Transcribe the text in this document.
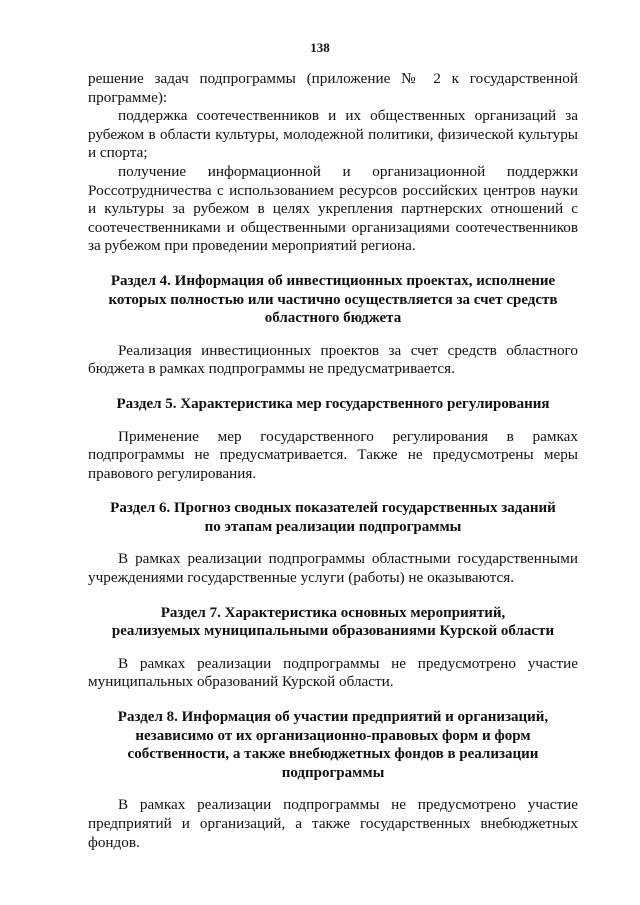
138

решение задач подпрограммы (приложение № 2 к государственной
программе):

поддержка соотечественников и их общественных организаций за рубежом в области культуры, молодежной политики, физической культуры и спорта;

получение информационной и организационной поддержки Россотрудничества с использованием ресурсов российских центров науки и культуры за рубежом в целях укрепления партнерских отношений с соотечественниками и общественными организациями соотечественников за рубежом при проведении мероприятий региона.

Раздел 4. Информация об инвестиционных проектах, исполнение
которых полностью или частично осуществляется за счет средств
областного бюджета

Реализация инвестиционных проектов за счет средств областного бюджета в рамках подпрограммы не предусматривается.

Раздел 5. Характеристика мер государственного регулирования

Применение мер государственного регулирования в рамках подпрограммы не предусматривается. Также не предусмотрены меры правового регулирования.

Раздел 6. Прогноз сводных показателей государственных заданий
по этапам реализации подпрограммы

В рамках реализации подпрограммы областными государственными учреждениями государственные услуги (работы) не оказываются.

Раздел 7. Характеристика основных мероприятий,
реализуемых муниципальными образованиями Курской области

В рамках реализации подпрограммы не предусмотрено участие муниципальных образований Курской области.

Раздел 8. Информация об участии предприятий и организаций,
независимо от их организационно-правовых форм и форм
собственности, а также внебюджетных фондов в реализации
подпрограммы

В рамках реализации подпрограммы не предусмотрено участие предприятий и организаций, а также государственных внебюджетных фондов.
